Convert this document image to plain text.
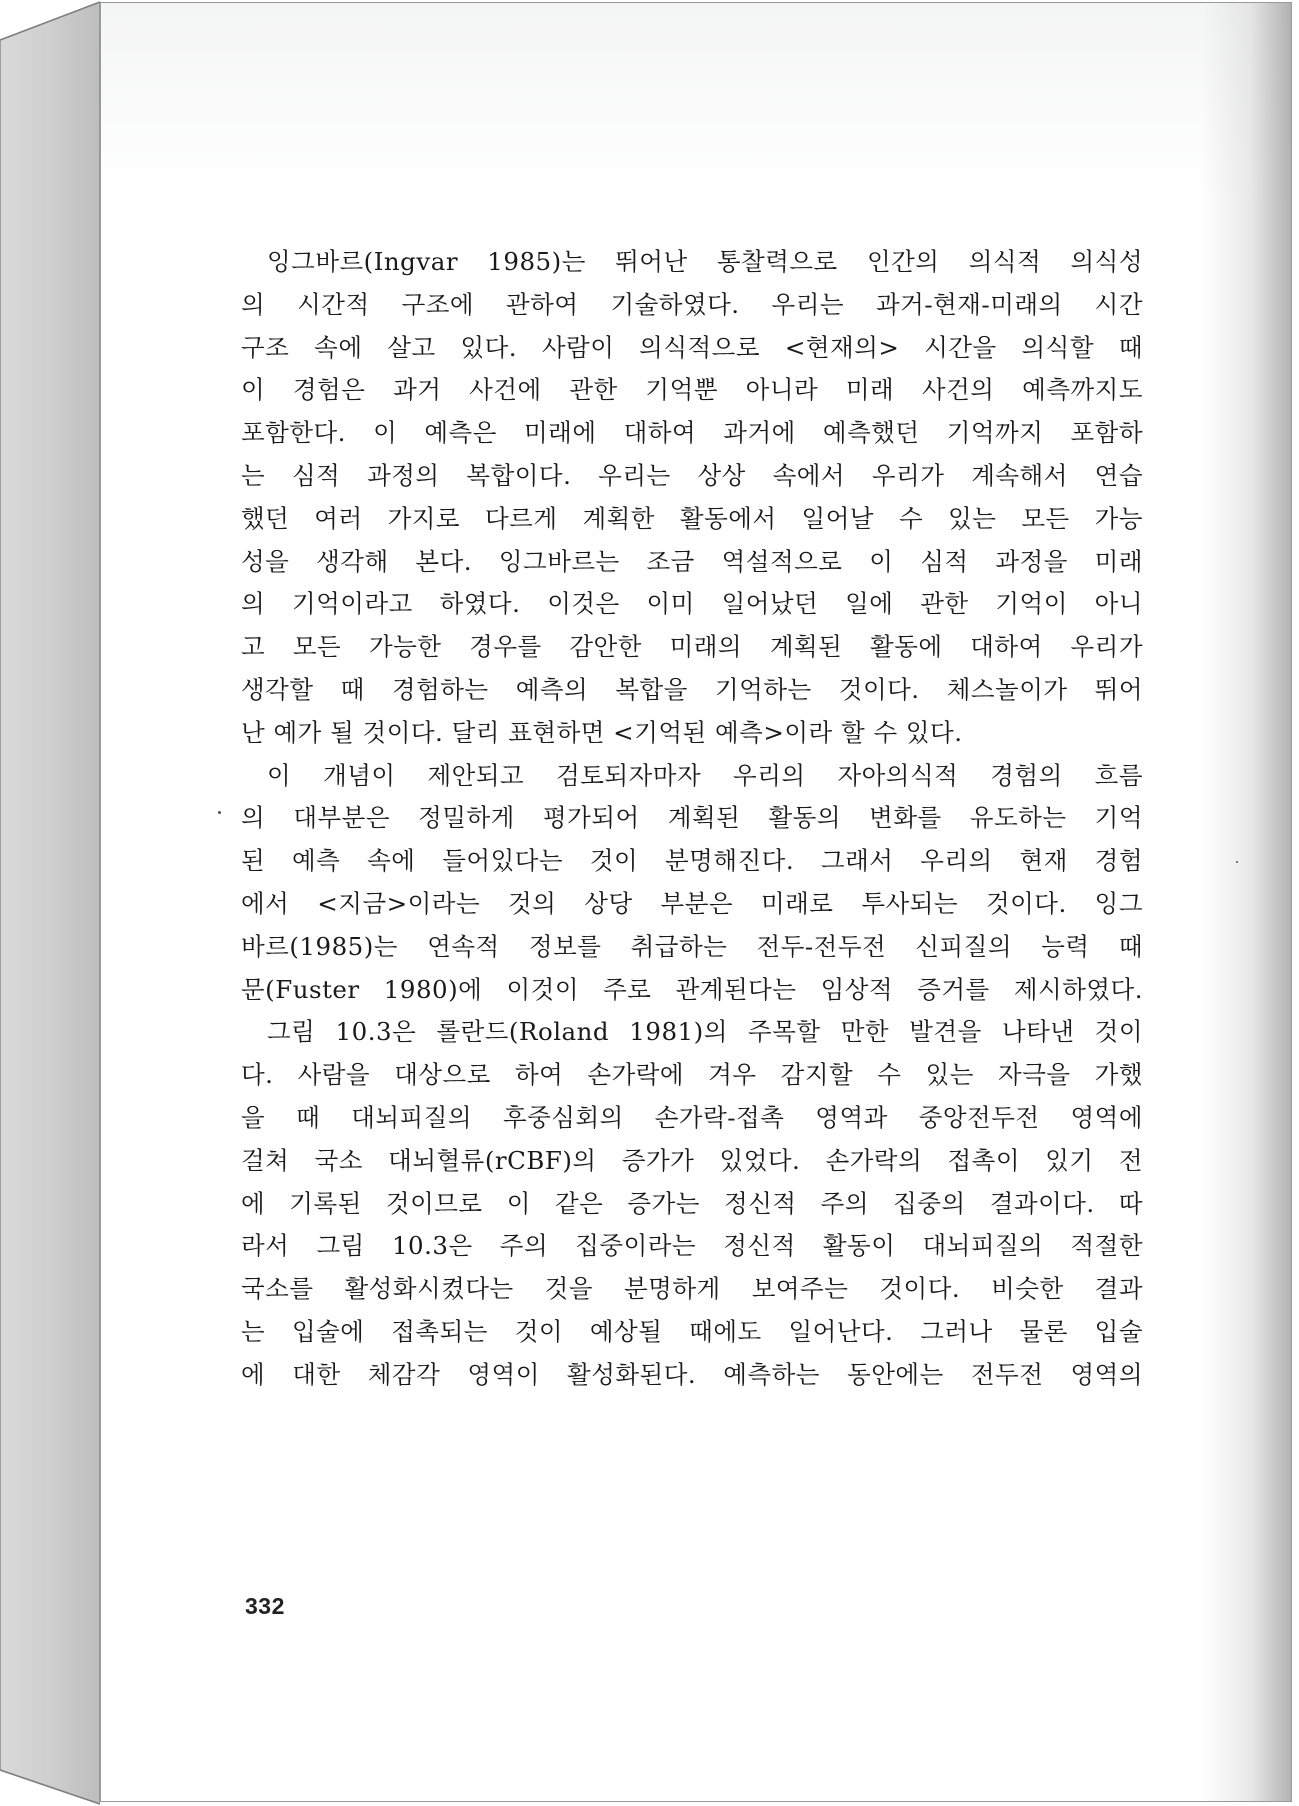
잉그바르(Ingvar 1985)는 뛰어난 통찰력으로 인간의 의식적 의식성
의 시간적 구조에 관하여 기술하였다. 우리는 과거-현재-미래의 시간
구조 속에 살고 있다. 사람이 의식적으로 <현재의> 시간을 의식할 때
이 경험은 과거 사건에 관한 기억뿐 아니라 미래 사건의 예측까지도
포함한다. 이 예측은 미래에 대하여 과거에 예측했던 기억까지 포함하
는 심적 과정의 복합이다. 우리는 상상 속에서 우리가 계속해서 연습
했던 여러 가지로 다르게 계획한 활동에서 일어날 수 있는 모든 가능
성을 생각해 본다. 잉그바르는 조금 역설적으로 이 심적 과정을 미래
의 기억이라고 하였다. 이것은 이미 일어났던 일에 관한 기억이 아니
고 모든 가능한 경우를 감안한 미래의 계획된 활동에 대하여 우리가
생각할 때 경험하는 예측의 복합을 기억하는 것이다. 체스놀이가 뛰어
난 예가 될 것이다. 달리 표현하면 <기억된 예측>이라 할 수 있다.
이 개념이 제안되고 검토되자마자 우리의 자아의식적 경험의 흐름
의 대부분은 정밀하게 평가되어 계획된 활동의 변화를 유도하는 기억
된 예측 속에 들어있다는 것이 분명해진다. 그래서 우리의 현재 경험
에서 <지금>이라는 것의 상당 부분은 미래로 투사되는 것이다. 잉그
바르(1985)는 연속적 정보를 취급하는 전두-전두전 신피질의 능력 때
문(Fuster 1980)에 이것이 주로 관계된다는 임상적 증거를 제시하였다.
그림 10.3은 롤란드(Roland 1981)의 주목할 만한 발견을 나타낸 것이
다. 사람을 대상으로 하여 손가락에 겨우 감지할 수 있는 자극을 가했
을 때 대뇌피질의 후중심회의 손가락-접촉 영역과 중앙전두전 영역에
걸쳐 국소 대뇌혈류(rCBF)의 증가가 있었다. 손가락의 접촉이 있기 전
에 기록된 것이므로 이 같은 증가는 정신적 주의 집중의 결과이다. 따
라서 그림 10.3은 주의 집중이라는 정신적 활동이 대뇌피질의 적절한
국소를 활성화시켰다는 것을 분명하게 보여주는 것이다. 비슷한 결과
는 입술에 접촉되는 것이 예상될 때에도 일어난다. 그러나 물론 입술
에 대한 체감각 영역이 활성화된다. 예측하는 동안에는 전두전 영역의
332
